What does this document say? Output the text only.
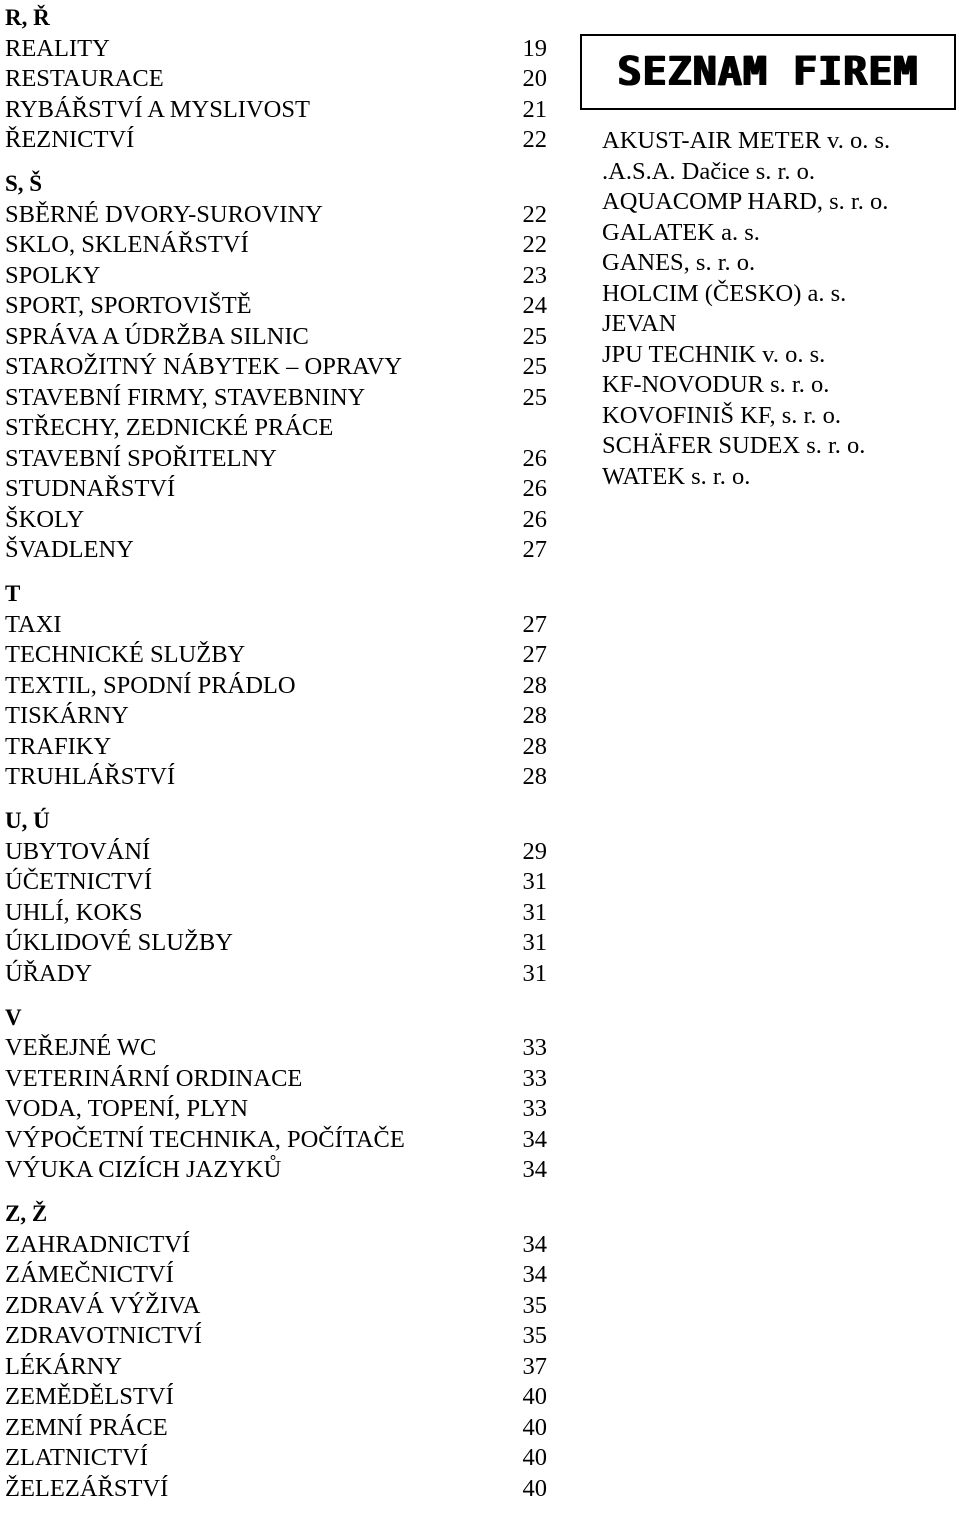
R, Ř
REALITY	19
RESTAURACE	20
RYBÁŘSTVÍ A MYSLIVOST	21
ŘEZNICTVÍ	22
S, Š
SBĚRNÉ DVORY-SUROVINY	22
SKLO, SKLENÁŘSTVÍ	22
SPOLKY	23
SPORT, SPORTOVIŠTĚ	24
SPRÁVA A ÚDRŽBA SILNIC	25
STAROŽITNÝ NÁBYTEK – OPRAVY	25
STAVEBNÍ FIRMY, STAVEBNINY	25
STŘECHY, ZEDNICKÉ PRÁCE
STAVEBNÍ SPOŘITELNY	26
STUDNAŘSTVÍ	26
ŠKOLY	26
ŠVADLENY	27
T
TAXI	27
TECHNICKÉ SLUŽBY	27
TEXTIL, SPODNÍ PRÁDLO	28
TISKÁRNY	28
TRAFIKY	28
TRUHLÁŘSTVÍ	28
U, Ú
UBYTOVÁNÍ	29
ÚČETNICTVÍ	31
UHLÍ, KOKS	31
ÚKLIDOVÉ SLUŽBY	31
ÚŘADY	31
V
VEŘEJNÉ WC	33
VETERINÁRNÍ ORDINACE	33
VODA, TOPENÍ, PLYN	33
VÝPOČETNÍ TECHNIKA, POČÍTAČE	34
VÝUKA CIZÍCH JAZYKŮ	34
Z, Ž
ZAHRADNICTVÍ	34
ZÁMEČNICTVÍ	34
ZDRAVÁ VÝŽIVA	35
ZDRAVOTNICTVÍ	35
LÉKÁRNY	37
ZEMĚDĚLSTVÍ	40
ZEMNÍ PRÁCE	40
ZLATNICTVÍ	40
ŽELEZÁŘSTVÍ	40
SEZNAM FIREM
AKUST-AIR METER v. o. s.
.A.S.A. Dačice s. r. o.
AQUACOMP HARD, s. r. o.
GALATEK a. s.
GANES, s. r. o.
HOLCIM (ČESKO) a. s.
JEVAN
JPU TECHNIK v. o. s.
KF-NOVODUR s. r. o.
KOVOFINIŠ KF, s. r. o.
SCHÄFER SUDEX s. r. o.
WATEK s. r. o.
